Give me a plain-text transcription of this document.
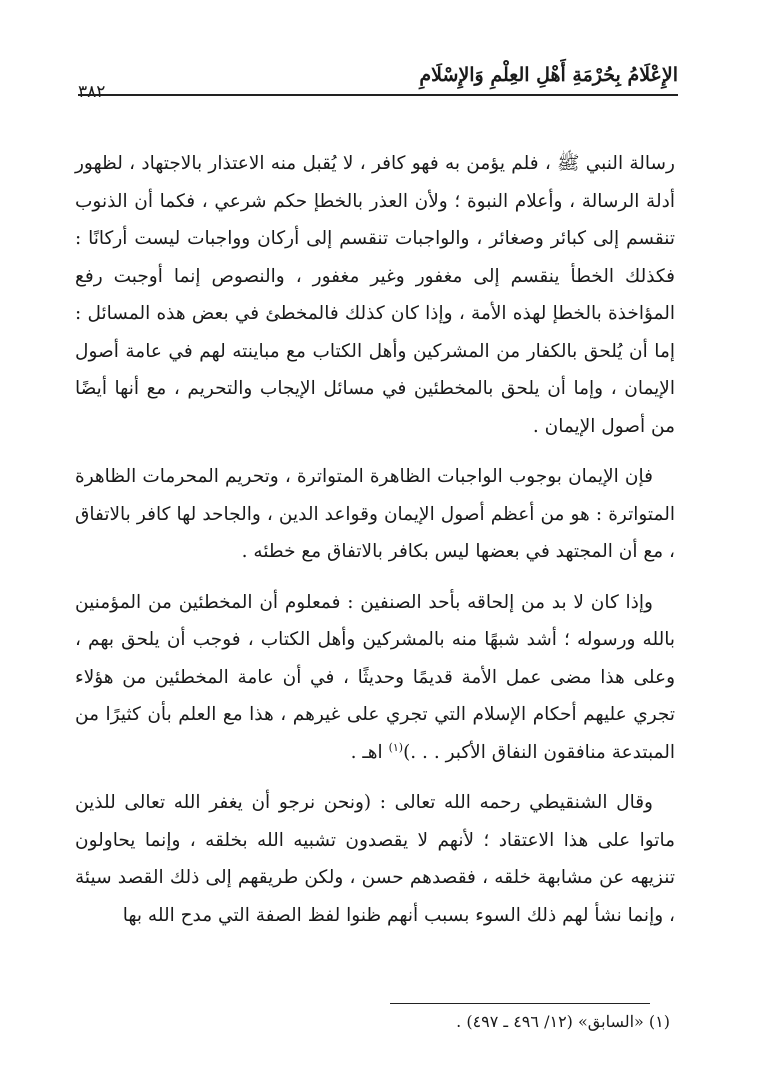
الإِعْلَامُ بِحُرْمَةِ أَهْلِ العِلْمِ وَالإِسْلَامِ
٣٨٢

رسالة النبي ﷺ ، فلم يؤمن به فهو كافر ، لا يُقبل منه الاعتذار بالاجتهاد ، لظهور أدلة الرسالة ، وأعلام النبوة ؛ ولأن العذر بالخطإ حكم شرعي ، فكما أن الذنوب تنقسم إلى كبائر وصغائر ، والواجبات تنقسم إلى أركان وواجبات ليست أركانًا : فكذلك الخطأ ينقسم إلى مغفور وغير مغفور ، والنصوص إنما أوجبت رفع المؤاخذة بالخطإ لهذه الأمة ، وإذا كان كذلك فالمخطئ في بعض هذه المسائل : إما أن يُلحق بالكفار من المشركين وأهل الكتاب مع مباينته لهم في عامة أصول الإيمان ، وإما أن يلحق بالمخطئين في مسائل الإيجاب والتحريم ، مع أنها أيضًا من أصول الإيمان .

فإن الإيمان بوجوب الواجبات الظاهرة المتواترة ، وتحريم المحرمات الظاهرة المتواترة : هو من أعظم أصول الإيمان وقواعد الدين ، والجاحد لها كافر بالاتفاق ، مع أن المجتهد في بعضها ليس بكافر بالاتفاق مع خطئه .

وإذا كان لا بد من إلحاقه بأحد الصنفين : فمعلوم أن المخطئين من المؤمنين بالله ورسوله ؛ أشد شبهًا منه بالمشركين وأهل الكتاب ، فوجب أن يلحق بهم ، وعلى هذا مضى عمل الأمة قديمًا وحديثًا ، في أن عامة المخطئين من هؤلاء تجري عليهم أحكام الإسلام التي تجري على غيرهم ، هذا مع العلم بأن كثيرًا من المبتدعة منافقون النفاق الأكبر . . .)$^{(١)}$ اهـ .

وقال الشنقيطي رحمه الله تعالى : (ونحن نرجو أن يغفر الله تعالى للذين ماتوا على هذا الاعتقاد ؛ لأنهم لا يقصدون تشبيه الله بخلقه ، وإنما يحاولون تنزيهه عن مشابهة خلقه ، فقصدهم حسن ، ولكن طريقهم إلى ذلك القصد سيئة ، وإنما نشأ لهم ذلك السوء بسبب أنهم ظنوا لفظ الصفة التي مدح الله بها

(١) «السابق» (١٢/ ٤٩٦ ـ ٤٩٧) .
